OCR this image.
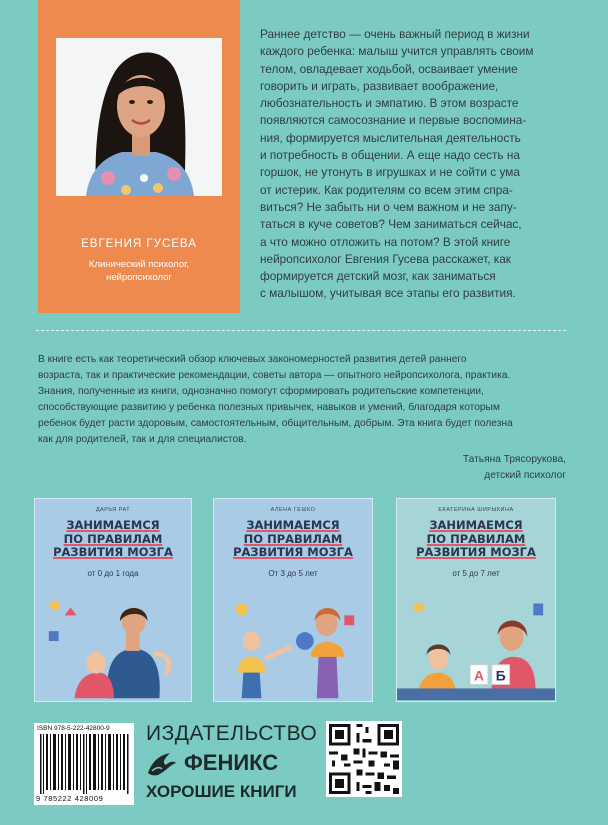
ЕВГЕНИЯ ГУСЕВА
Клинический психолог,
нейропсихолог
Раннее детство — очень важный период в жизни
каждого ребенка: малыш учится управлять своим
телом, овладевает ходьбой, осваивает умение
говорить и играть, развивает воображение,
любознательность и эмпатию. В этом возрасте
появляются самосознание и первые воспомина-
ния, формируется мыслительная деятельность
и потребность в общении. А еще надо сесть на
горшок, не утонуть в игрушках и не сойти с ума
от истерик. Как родителям со всем этим спра-
виться? Не забыть ни о чем важном и не запу-
таться в куче советов? Чем заниматься сейчас,
а что можно отложить на потом? В этой книге
нейропсихолог Евгения Гусева расскажет, как
формируется детский мозг, как заниматься
с малышом, учитывая все этапы его развития.
В книге есть как теоретический обзор ключевых закономерностей развития детей раннего
возраста, так и практические рекомендации, советы автора — опытного нейропсихолога, практика.
Знания, полученные из книги, однозначно помогут сформировать родительские компетенции,
способствующие развитию у ребенка полезных привычек, навыков и умений, благодаря которым
ребенок будет расти здоровым, самостоятельным, общительным, добрым. Эта книга будет полезна
как для родителей, так и для специалистов.
Татьяна Трясорукова,
детский психолог
ДАРЬЯ РАТ
ЗАНИМАЕМСЯ
ПО ПРАВИЛАМ
РАЗВИТИЯ МОЗГА
от 0 до 1 года
АЛЕНА ГЕШКО
ЗАНИМАЕМСЯ
ПО ПРАВИЛАМ
РАЗВИТИЯ МОЗГА
От 3 до 5 лет
ЕКАТЕРИНА ШИРЫКИНА
ЗАНИМАЕМСЯ
ПО ПРАВИЛАМ
РАЗВИТИЯ МОЗГА
от 5 до 7 лет
А Б
ISBN 978-5-222-42800-9
9 785222 428009
ИЗДАТЕЛЬСТВО
ФЕНИКС
ХОРОШИЕ КНИГИ
